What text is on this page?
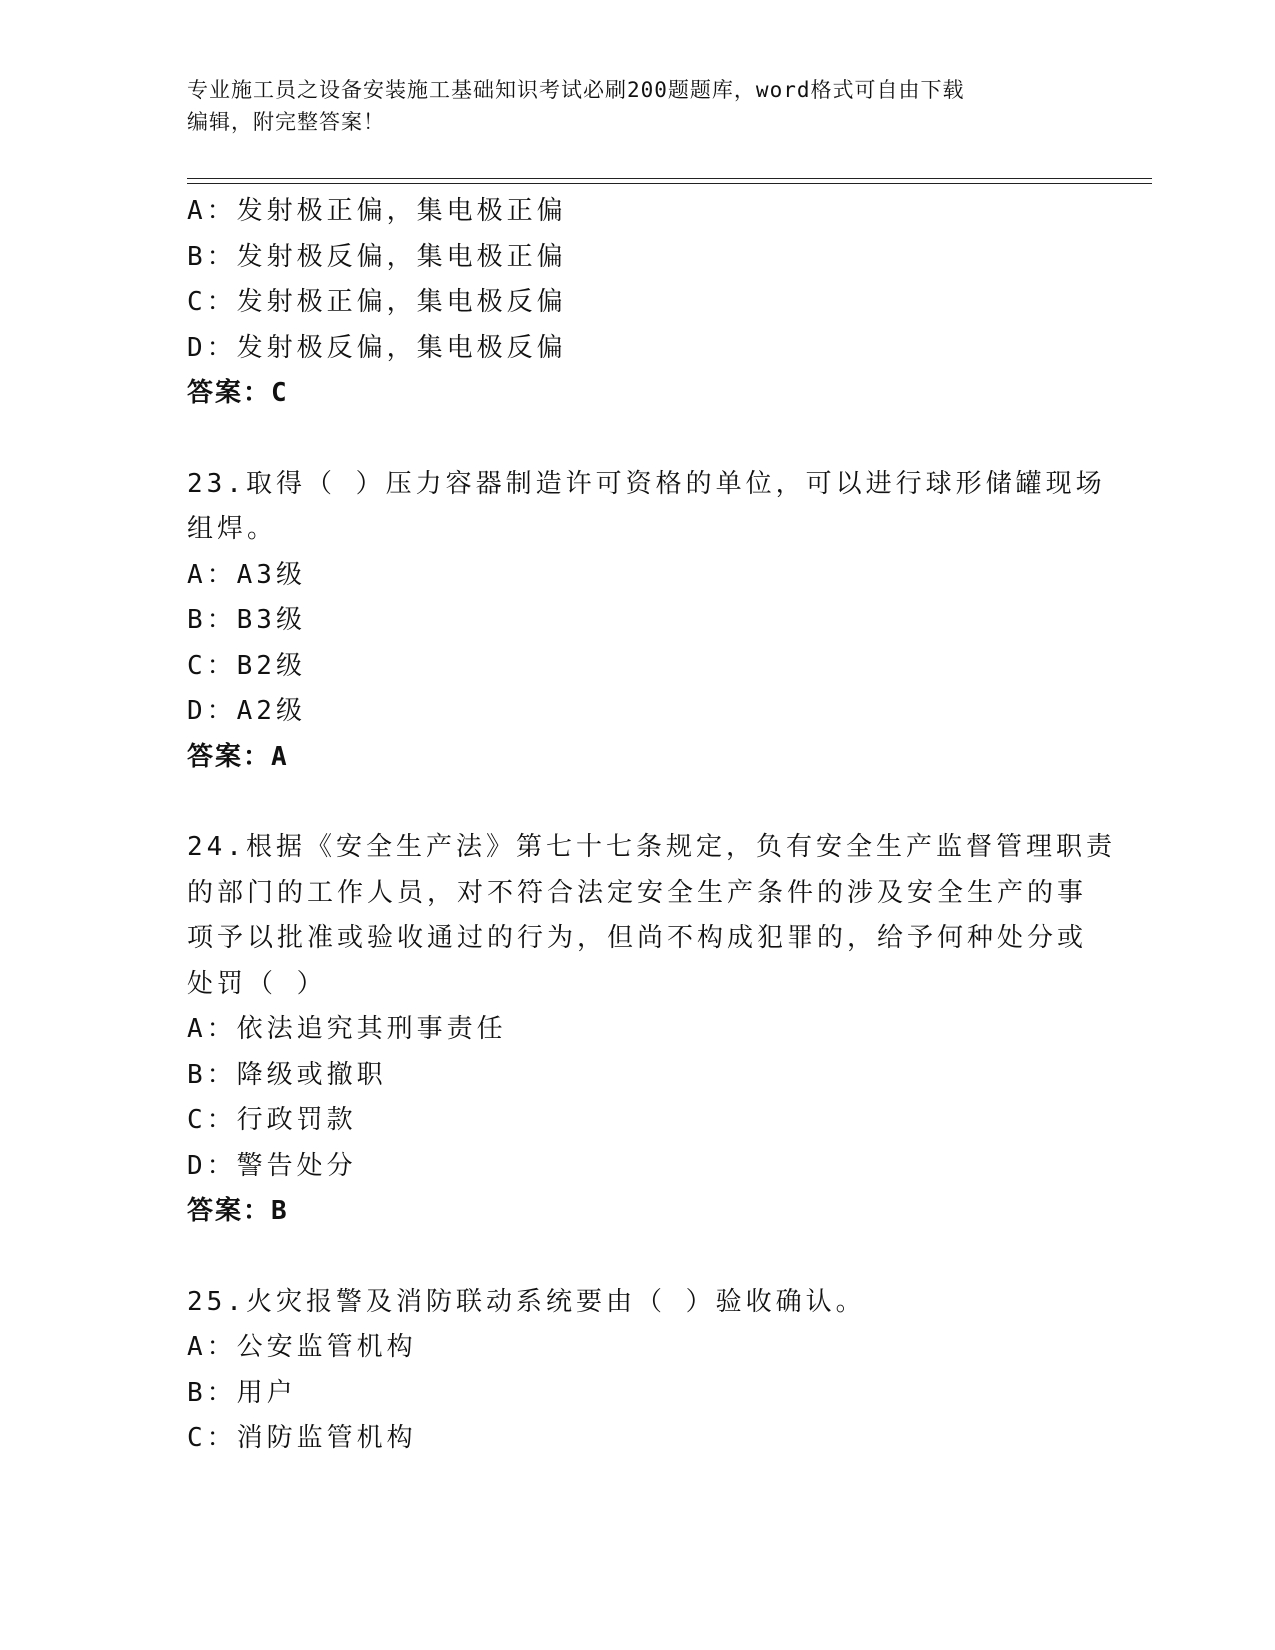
专业施工员之设备安装施工基础知识考试必刷200题题库，word格式可自由下载
编辑，附完整答案！
A：发射极正偏，集电极正偏
B：发射极反偏，集电极正偏
C：发射极正偏，集电极反偏
D：发射极反偏，集电极反偏
答案：C
23.取得（ ）压力容器制造许可资格的单位，可以进行球形储罐现场
组焊。
A：A3级
B：B3级
C：B2级
D：A2级
答案：A
24.根据《安全生产法》第七十七条规定，负有安全生产监督管理职责
的部门的工作人员，对不符合法定安全生产条件的涉及安全生产的事
项予以批准或验收通过的行为，但尚不构成犯罪的，给予何种处分或
处罚（ ）
A：依法追究其刑事责任
B：降级或撤职
C：行政罚款
D：警告处分
答案：B
25.火灾报警及消防联动系统要由（ ）验收确认。
A：公安监管机构
B：用户
C：消防监管机构
